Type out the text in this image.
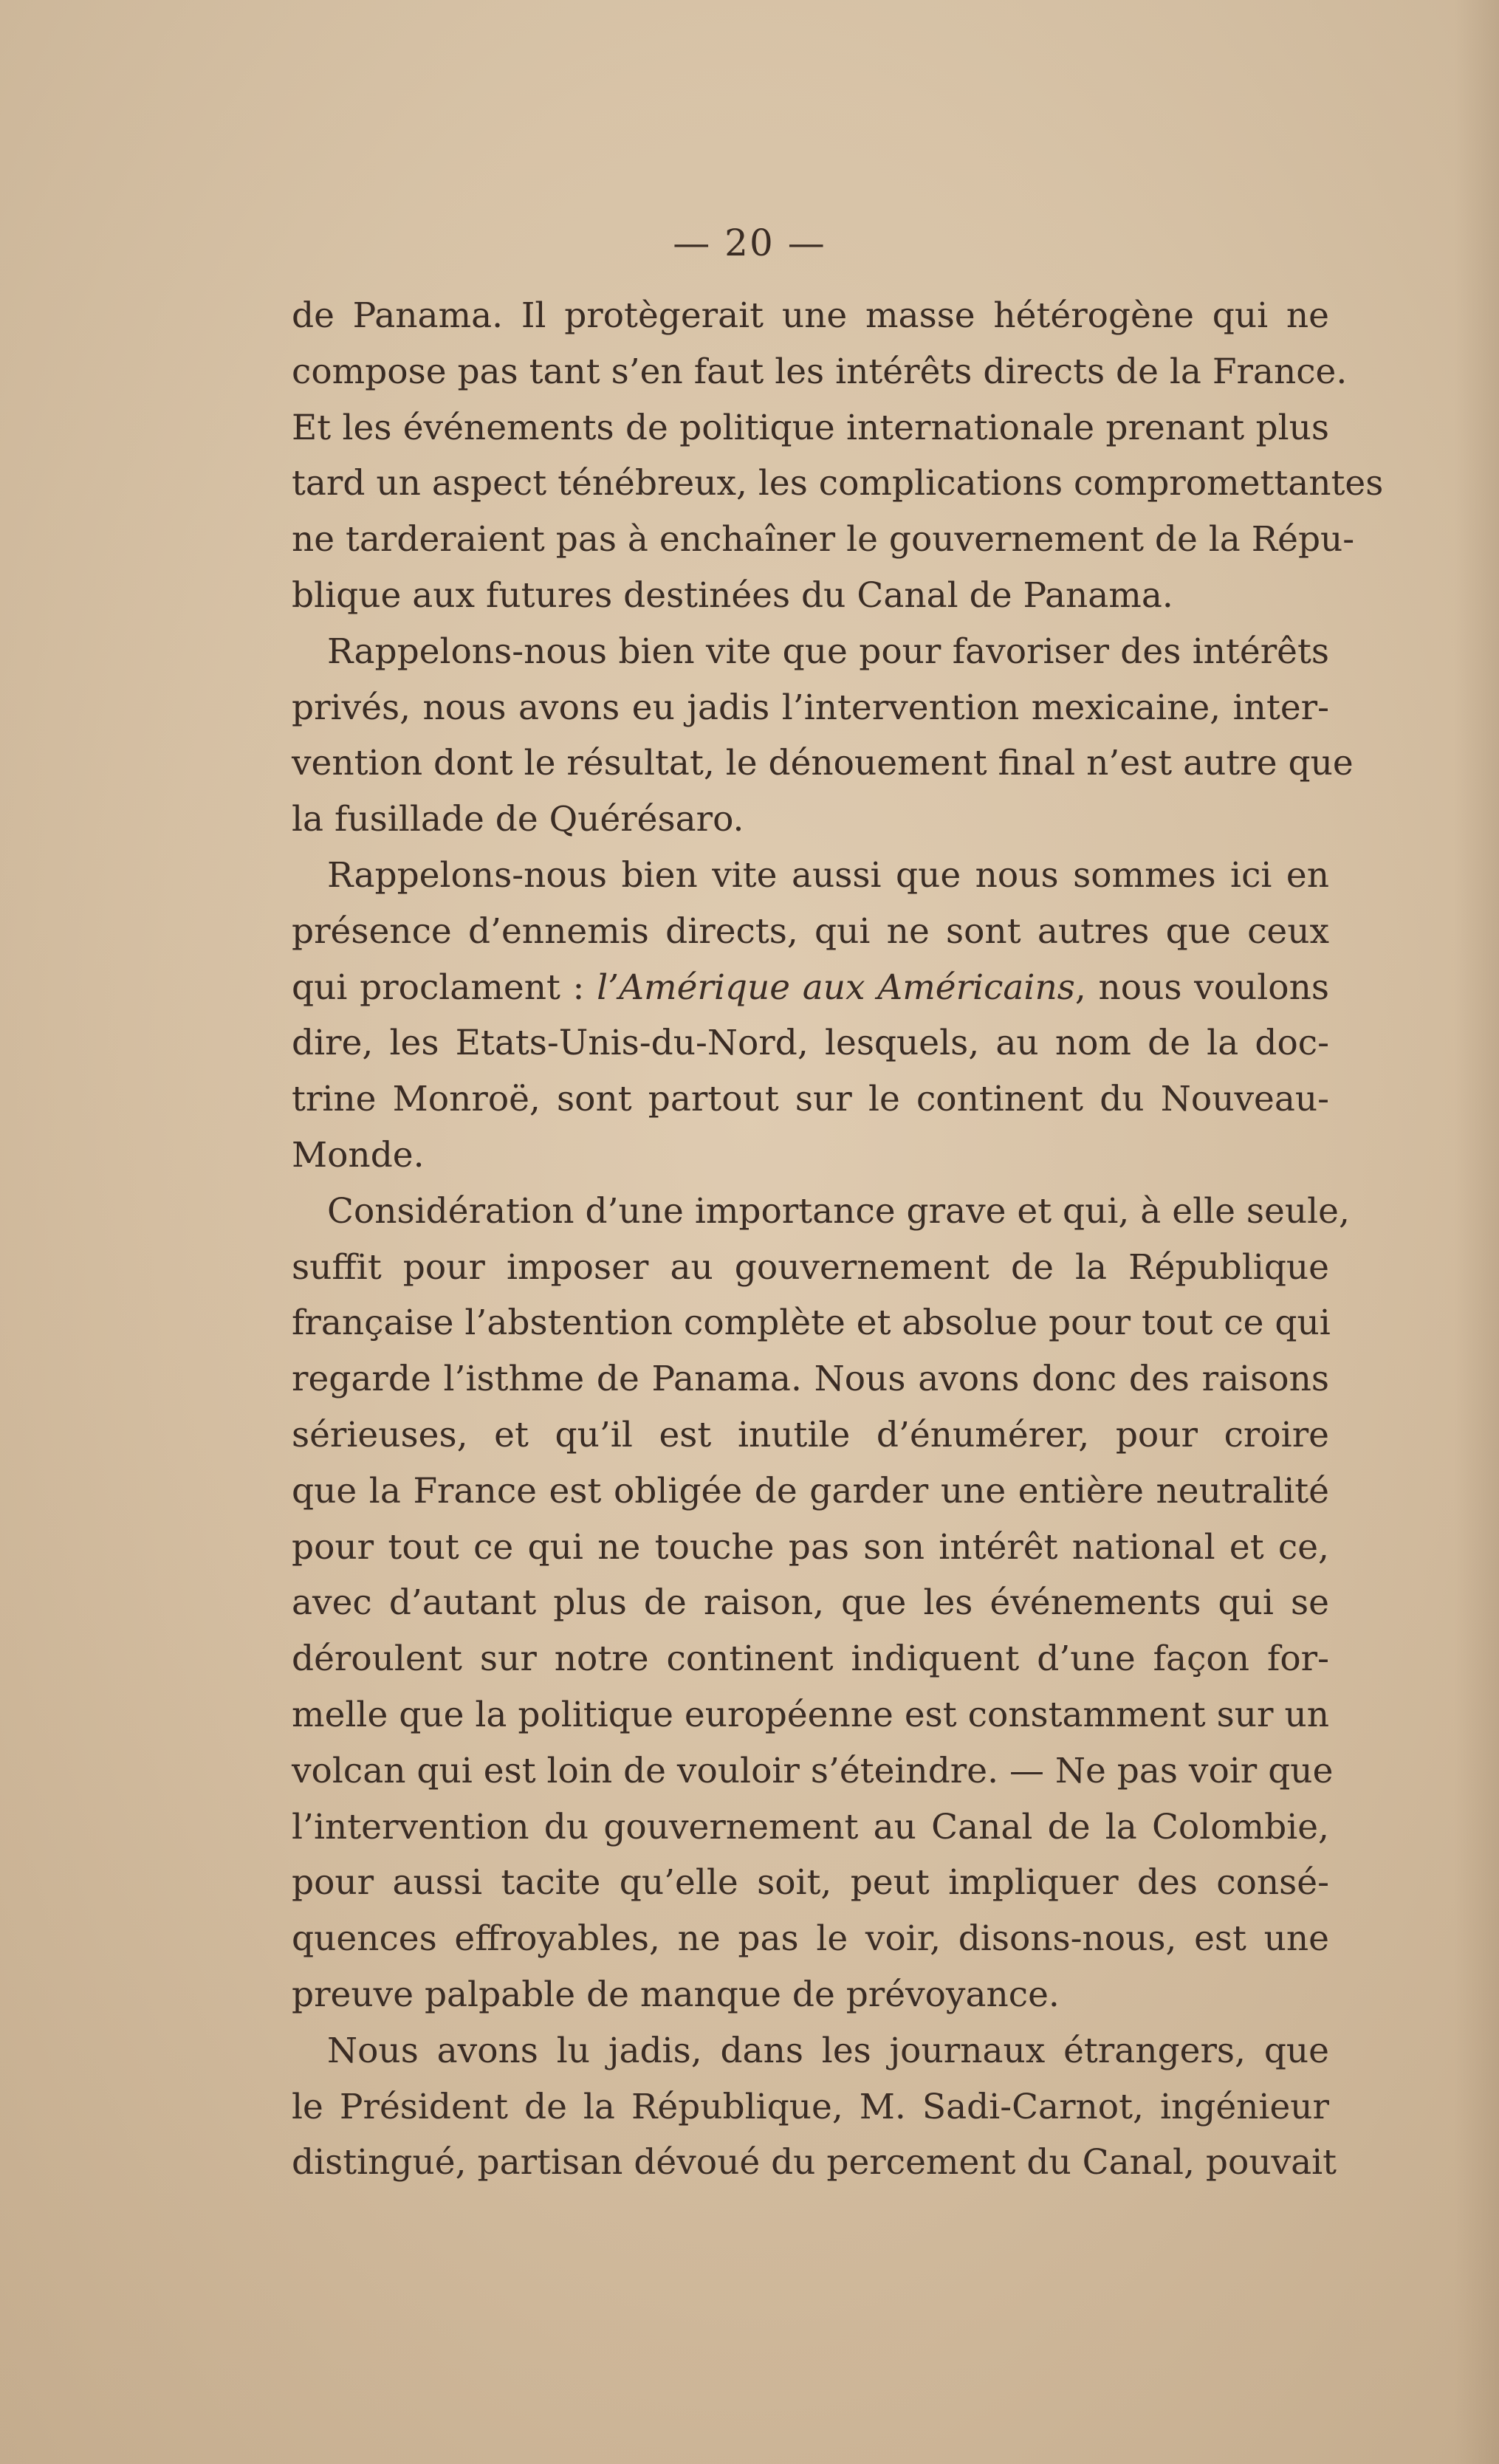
— 20 —

de Panama. Il protègerait une masse hétérogène qui ne
compose pas tant s’en faut les intérêts directs de la France.
Et les événements de politique internationale prenant plus
tard un aspect ténébreux, les complications compromettantes
ne tarderaient pas à enchaîner le gouvernement de la Répu-
blique aux futures destinées du Canal de Panama.

Rappelons-nous bien vite que pour favoriser des intérêts
privés, nous avons eu jadis l’intervention mexicaine, inter-
vention dont le résultat, le dénouement final n’est autre que
la fusillade de Quérésaro.

Rappelons-nous bien vite aussi que nous sommes ici en
présence d’ennemis directs, qui ne sont autres que ceux
qui proclament : l’Amérique aux Américains, nous voulons
dire, les Etats-Unis-du-Nord, lesquels, au nom de la doc-
trine Monroë, sont partout sur le continent du Nouveau-
Monde.

Considération d’une importance grave et qui, à elle seule,
suffit pour imposer au gouvernement de la République
française l’abstention complète et absolue pour tout ce qui
regarde l’isthme de Panama. Nous avons donc des raisons
sérieuses, et qu’il est inutile d’énumérer, pour croire
que la France est obligée de garder une entière neutralité
pour tout ce qui ne touche pas son intérêt national et ce,
avec d’autant plus de raison, que les événements qui se
déroulent sur notre continent indiquent d’une façon for-
melle que la politique européenne est constamment sur un
volcan qui est loin de vouloir s’éteindre. — Ne pas voir que
l’intervention du gouvernement au Canal de la Colombie,
pour aussi tacite qu’elle soit, peut impliquer des consé-
quences effroyables, ne pas le voir, disons-nous, est une
preuve palpable de manque de prévoyance.

Nous avons lu jadis, dans les journaux étrangers, que
le Président de la République, M. Sadi-Carnot, ingénieur
distingué, partisan dévoué du percement du Canal, pouvait
